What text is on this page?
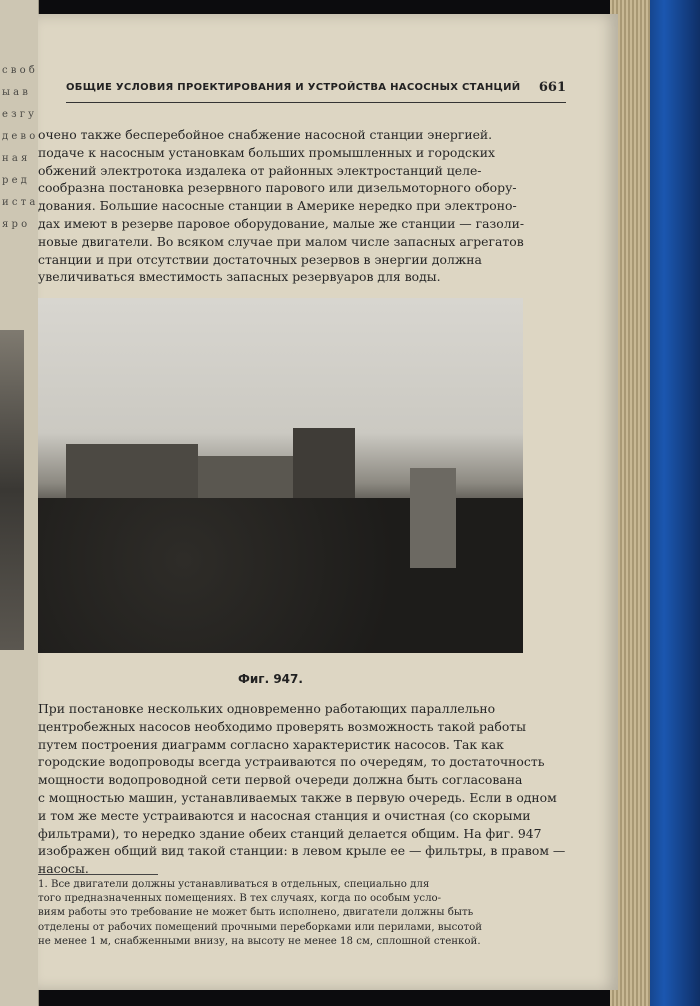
с в о б ы а в е з г у д е в о н а я р е д и с т а я р о
ОБЩИЕ УСЛОВИЯ ПРОЕКТИРОВАНИЯ И УСТРОЙСТВА НАСОСНЫХ СТАНЦИЙ 661
очено также бесперебойное снабжение насосной станции энергией.
подаче к насосным установкам больших промышленных и городских
обжений электротока издалека от районных электростанций целе-
сообразна постановка резервного парового или дизельмоторного обору-
дования. Большие насосные станции в Америке нередко при электроно-
дах имеют в резерве паровое оборудование, малые же станции — газоли-
новые двигатели. Во всяком случае при малом числе запасных агрегатов
станции и при отсутствии достаточных резервов в энергии должна
увеличиваться вместимость запасных резервуаров для воды.
Фиг. 947.
При постановке нескольких одновременно работающих параллельно
центробежных насосов необходимо проверять возможность такой работы
путем построения диаграмм согласно характеристик насосов. Так как
городские водопроводы всегда устраиваются по очередям, то достаточность
мощности водопроводной сети первой очереди должна быть согласована
с мощностью машин, устанавливаемых также в первую очередь. Если в одном
и том же месте устраиваются и насосная станция и очистная (со скорыми
фильтрами), то нередко здание обеих станций делается общим. На фиг. 947
изображен общий вид такой станции: в левом крыле ее — фильтры, в правом —
насосы.
1. Все двигатели должны устанавливаться в отдельных, специально для
того предназначенных помещениях. В тех случаях, когда по особым усло-
виям работы это требование не может быть исполнено, двигатели должны быть
отделены от рабочих помещений прочными переборками или перилами, высотой
не менее 1 м, снабженными внизу, на высоту не менее 18 см, сплошной стенкой.
